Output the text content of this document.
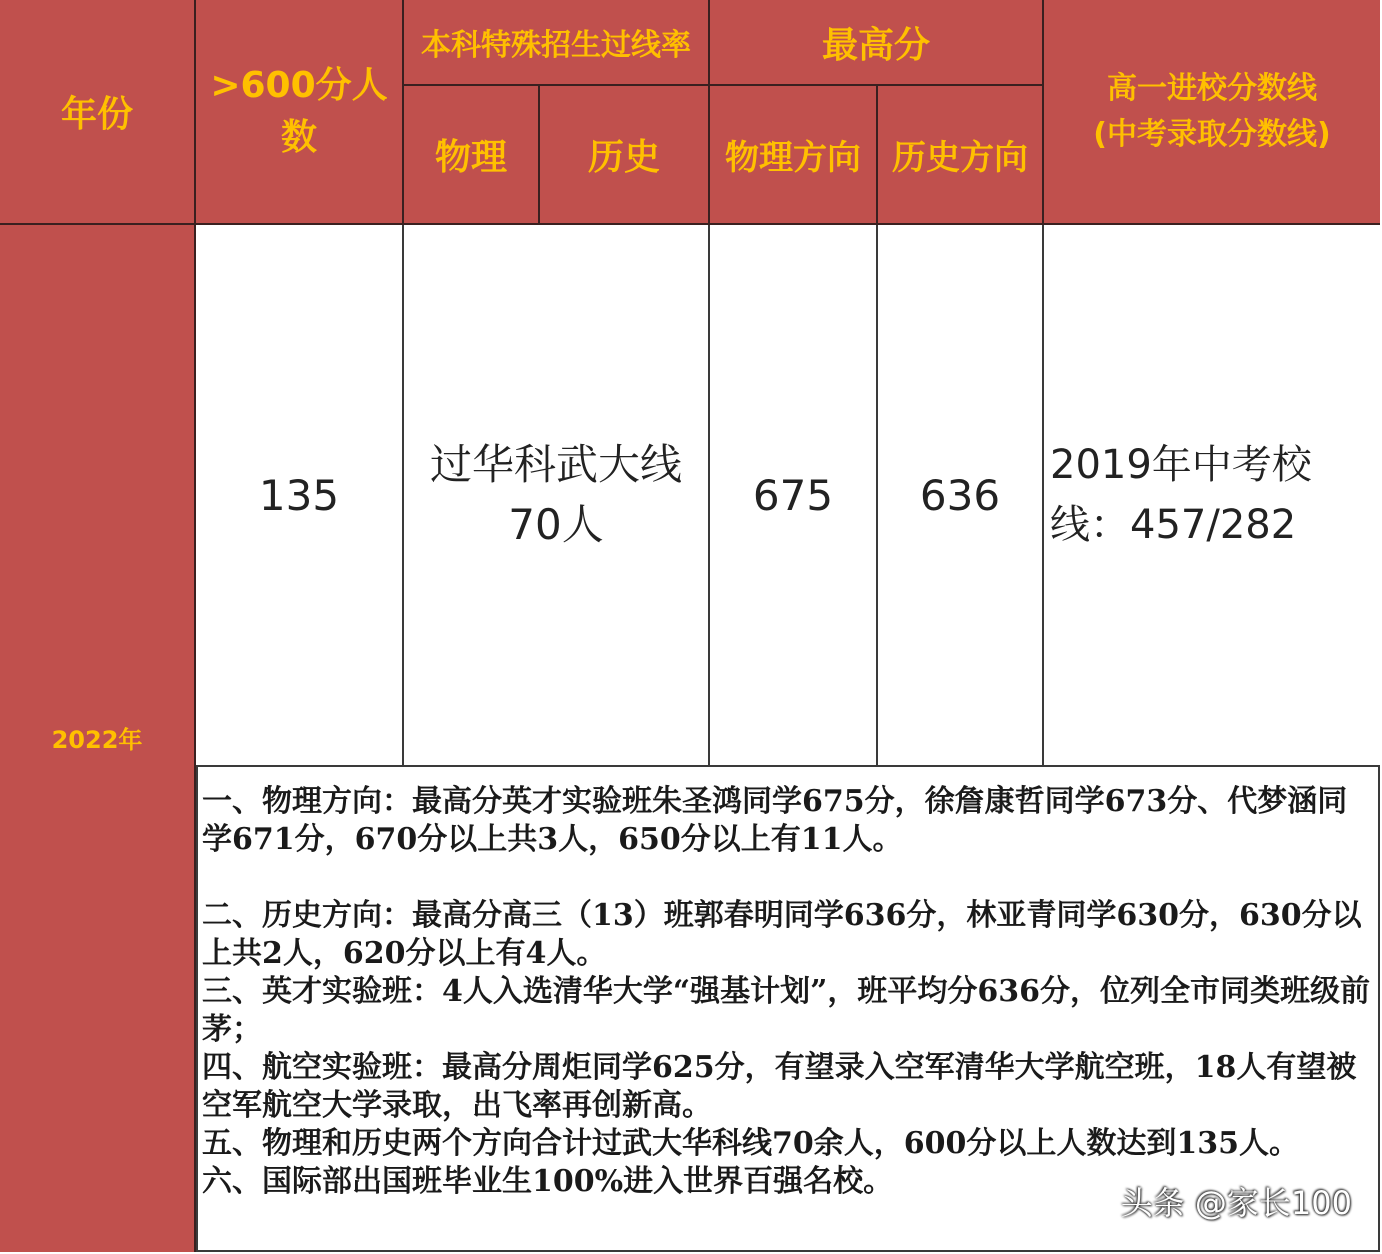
年份
2022年
>600分人数
本科特殊招生过线率
物理 历史
最高分
物理方向 历史方向
高一进校分数线
(中考录取分数线)
135
过华科武大线
70人
675 636
2019年中考校
线：457/282

一、物理方向：最高分英才实验班朱圣鸿同学675分，徐詹康哲同学673分、代梦涵同学671分，670分以上共3人，650分以上有11人。

二、历史方向：最高分高三（13）班郭春明同学636分，林亚青同学630分，630分以上共2人，620分以上有4人。

三、英才实验班：4人入选清华大学“强基计划”，班平均分636分，位列全市同类班级前茅；

四、航空实验班：最高分周炬同学625分，有望录入空军清华大学航空班，18人有望被空军航空大学录取，出飞率再创新高。

五、物理和历史两个方向合计过武大华科线70余人，600分以上人数达到135人。

六、国际部出国班毕业生100%进入世界百强名校。

头条 @家长100
